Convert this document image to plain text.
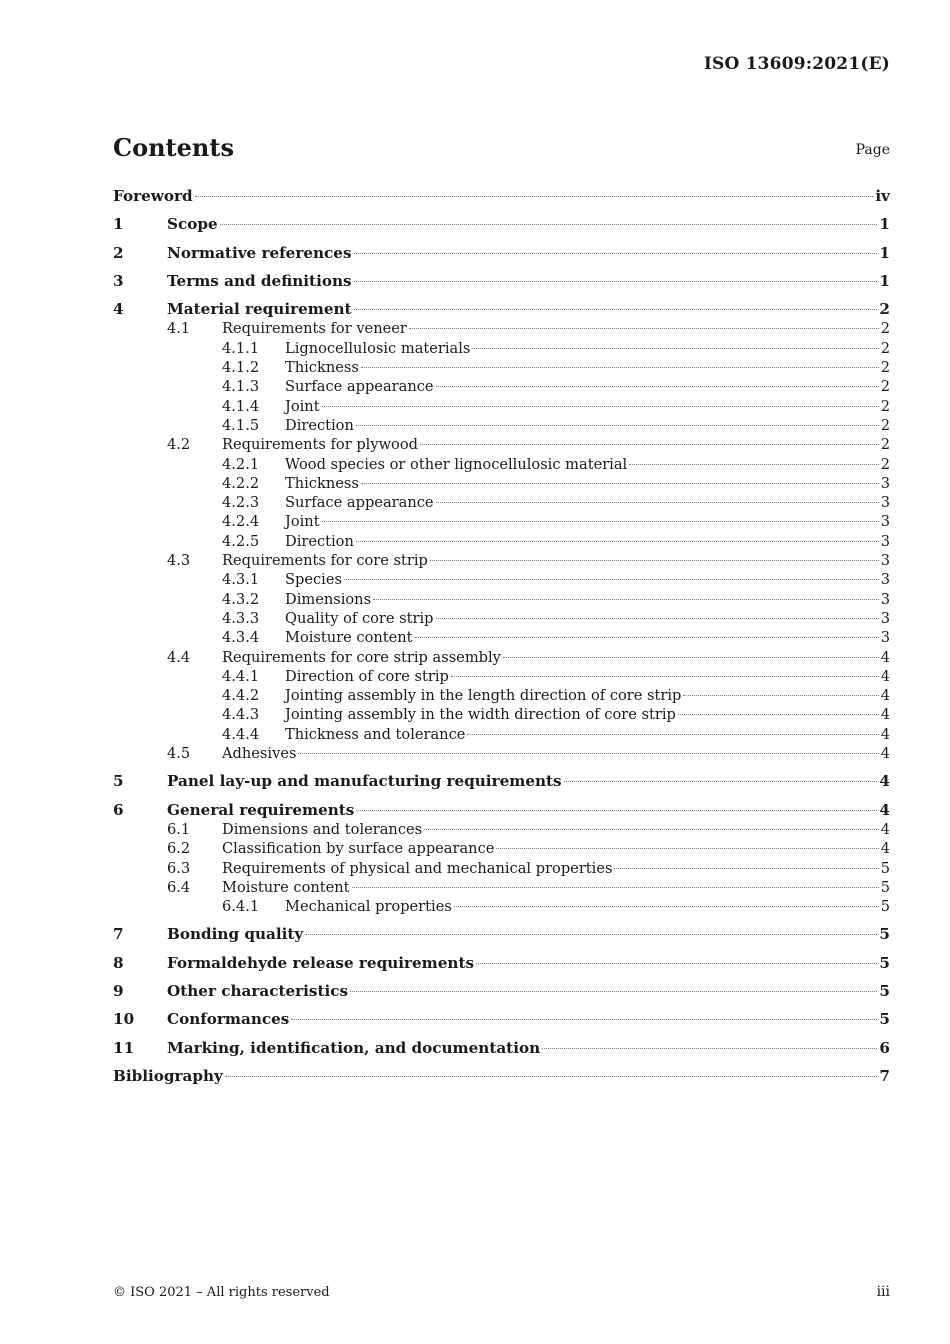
ISO 13609:2021(E)
Contents	Page
Foreword	iv
1	Scope	1
2	Normative references	1
3	Terms and definitions	1
4	Material requirement	2
4.1	Requirements for veneer	2
4.1.1	Lignocellulosic materials	2
4.1.2	Thickness	2
4.1.3	Surface appearance	2
4.1.4	Joint	2
4.1.5	Direction	2
4.2	Requirements for plywood	2
4.2.1	Wood species or other lignocellulosic material	2
4.2.2	Thickness	3
4.2.3	Surface appearance	3
4.2.4	Joint	3
4.2.5	Direction	3
4.3	Requirements for core strip	3
4.3.1	Species	3
4.3.2	Dimensions	3
4.3.3	Quality of core strip	3
4.3.4	Moisture content	3
4.4	Requirements for core strip assembly	4
4.4.1	Direction of core strip	4
4.4.2	Jointing assembly in the length direction of core strip	4
4.4.3	Jointing assembly in the width direction of core strip	4
4.4.4	Thickness and tolerance	4
4.5	Adhesives	4
5	Panel lay-up and manufacturing requirements	4
6	General requirements	4
6.1	Dimensions and tolerances	4
6.2	Classification by surface appearance	4
6.3	Requirements of physical and mechanical properties	5
6.4	Moisture content	5
6.4.1	Mechanical properties	5
7	Bonding quality	5
8	Formaldehyde release requirements	5
9	Other characteristics	5
10	Conformances	5
11	Marking, identification, and documentation	6
Bibliography	7
© ISO 2021 – All rights reserved	iii
